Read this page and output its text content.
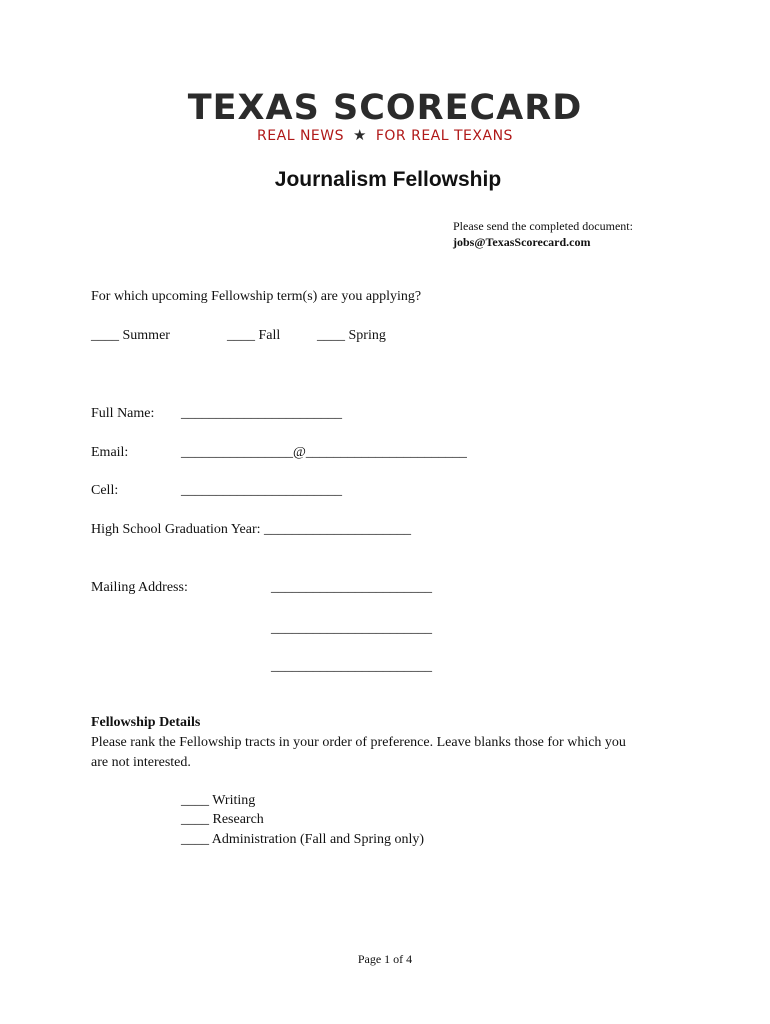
TEXAS SCORECARD
REAL NEWS ★ FOR REAL TEXANS
Journalism Fellowship
Please send the completed document:
jobs@TexasScorecard.com
For which upcoming Fellowship term(s) are you applying?
____ Summer	____ Fall	____ Spring
Full Name: _______________________
Email:	________________@_______________________
Cell:	_______________________
High School Graduation Year: _____________________
Mailing Address:	_______________________
_______________________
_______________________
Fellowship Details
Please rank the Fellowship tracts in your order of preference. Leave blanks those for which you
are not interested.
____ Writing
____ Research
____ Administration (Fall and Spring only)
Page 1 of 4
